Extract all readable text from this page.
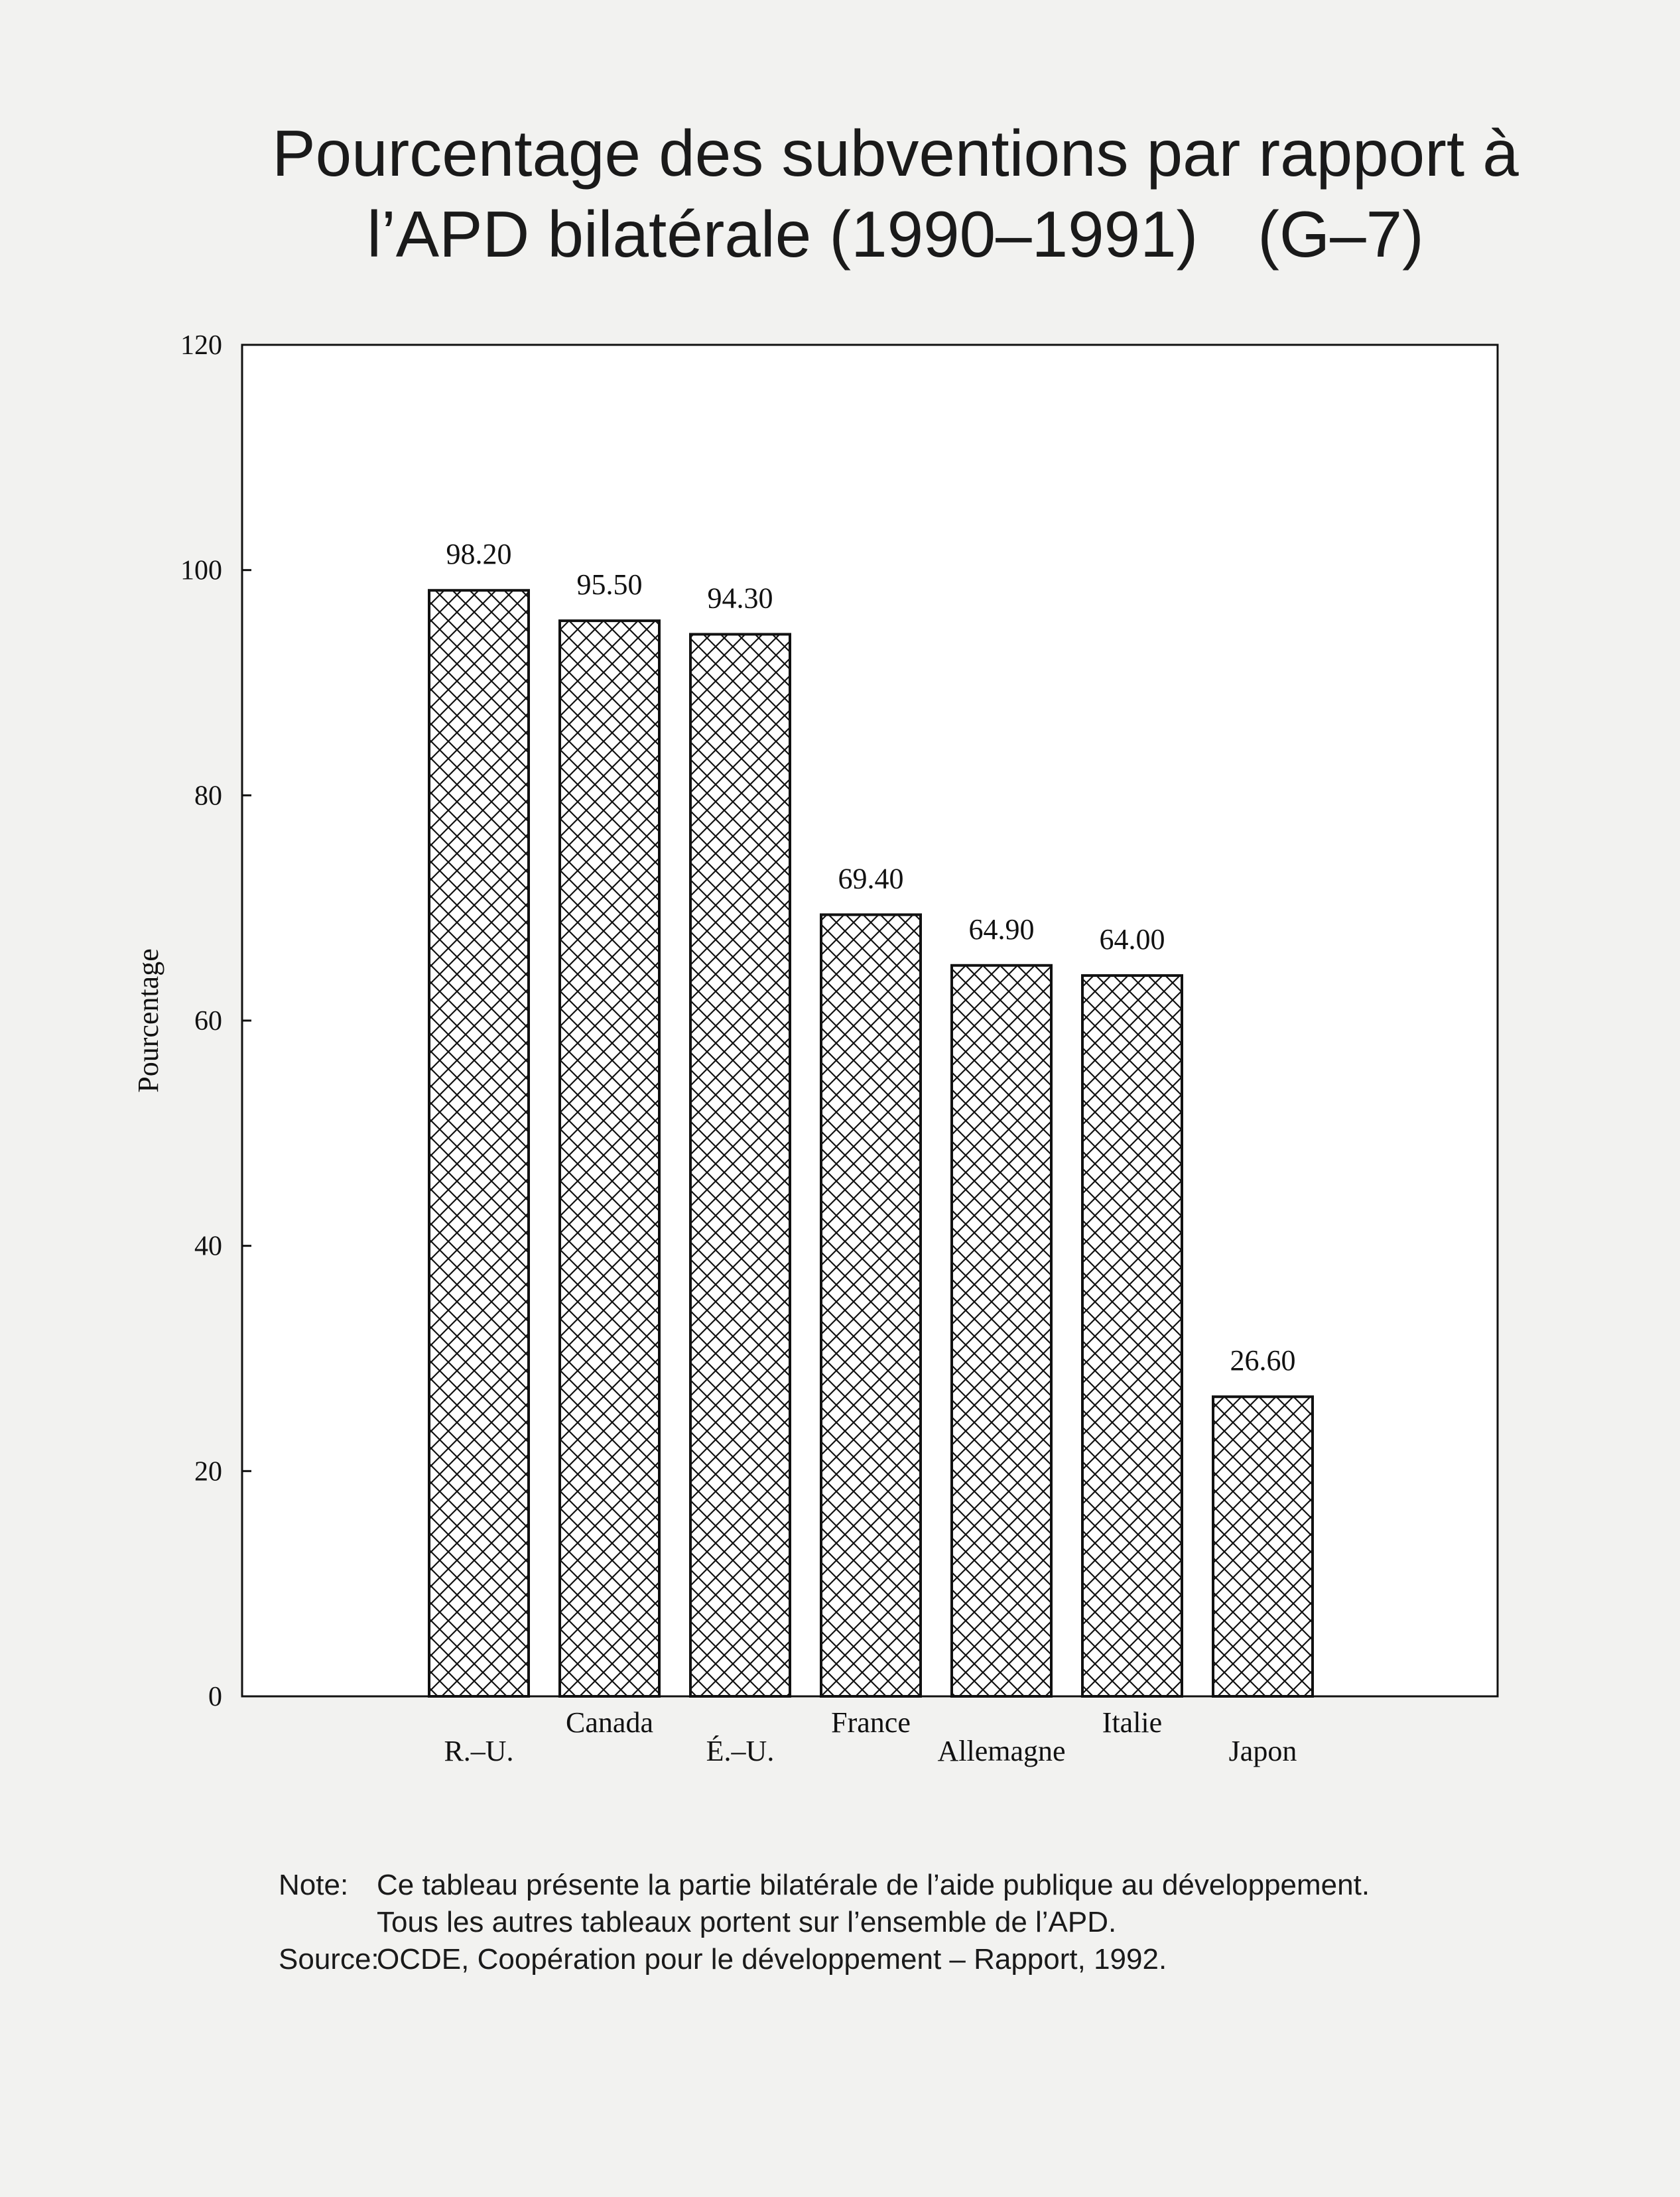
Pourcentage des subventions par rapport à
l’APD bilatérale (1990–1991) (G–7)
0
20
40
60
80
100
120
Pourcentage
98.20
R.–U.
95.50
Canada
94.30
É.–U.
69.40
France
64.90
Allemagne
64.00
Italie
26.60
Japon
Note: Ce tableau présente la partie bilatérale de l’aide publique au développement.
Tous les autres tableaux portent sur l’ensemble de l’APD.
Source:OCDE, Coopération pour le développement – Rapport, 1992.
